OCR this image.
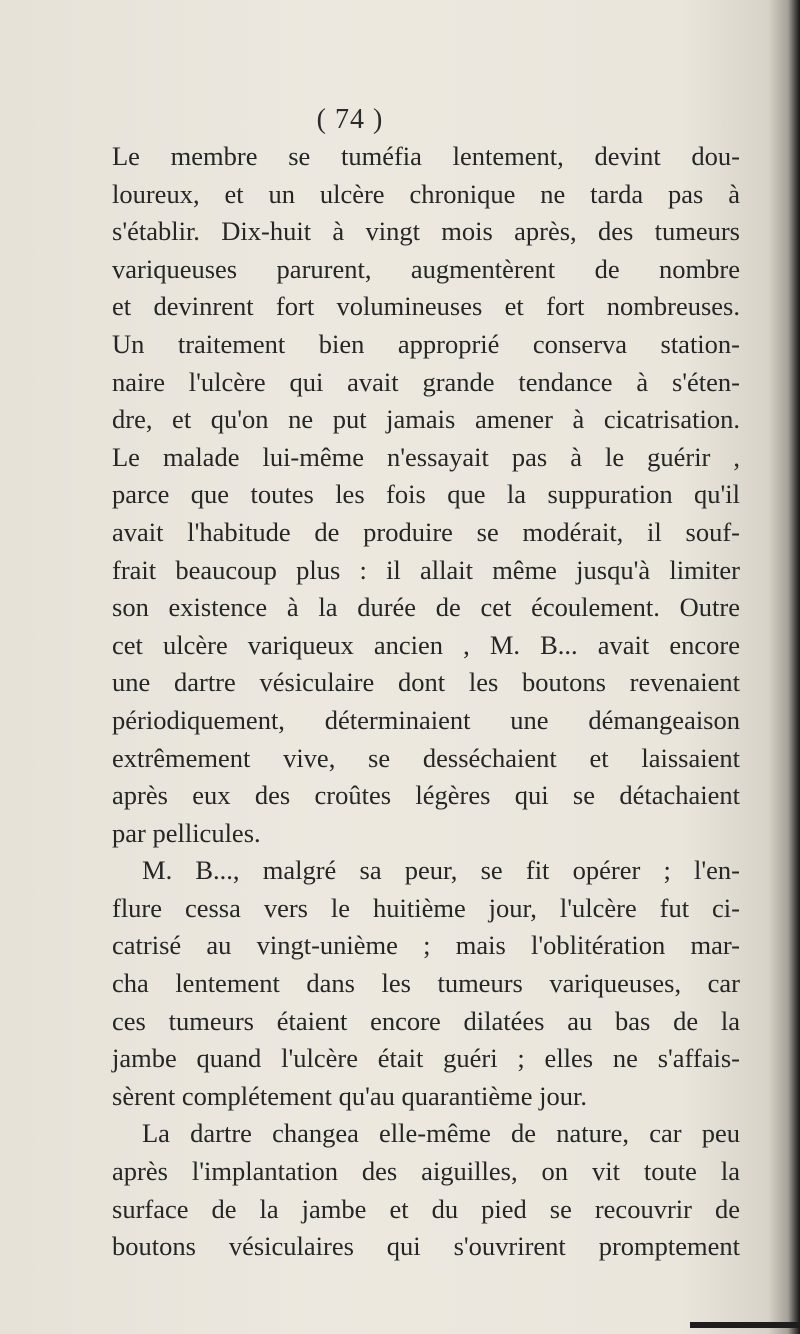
( 74 )
Le membre se tuméfia lentement, devint dou-
loureux, et un ulcère chronique ne tarda pas à
s'établir. Dix-huit à vingt mois après, des tumeurs
variqueuses parurent, augmentèrent de nombre
et devinrent fort volumineuses et fort nombreuses.
Un traitement bien approprié conserva station-
naire l'ulcère qui avait grande tendance à s'éten-
dre, et qu'on ne put jamais amener à cicatrisation.
Le malade lui-même n'essayait pas à le guérir ,
parce que toutes les fois que la suppuration qu'il
avait l'habitude de produire se modérait, il souf-
frait beaucoup plus : il allait même jusqu'à limiter
son existence à la durée de cet écoulement. Outre
cet ulcère variqueux ancien , M. B... avait encore
une dartre vésiculaire dont les boutons revenaient
périodiquement, déterminaient une démangeaison
extrêmement vive, se desséchaient et laissaient
après eux des croûtes légères qui se détachaient
par pellicules.
M. B..., malgré sa peur, se fit opérer ; l'en-
flure cessa vers le huitième jour, l'ulcère fut ci-
catrisé au vingt-unième ; mais l'oblitération mar-
cha lentement dans les tumeurs variqueuses, car
ces tumeurs étaient encore dilatées au bas de la
jambe quand l'ulcère était guéri ; elles ne s'affais-
sèrent complétement qu'au quarantième jour.
La dartre changea elle-même de nature, car peu
après l'implantation des aiguilles, on vit toute la
surface de la jambe et du pied se recouvrir de
boutons vésiculaires qui s'ouvrirent promptement
